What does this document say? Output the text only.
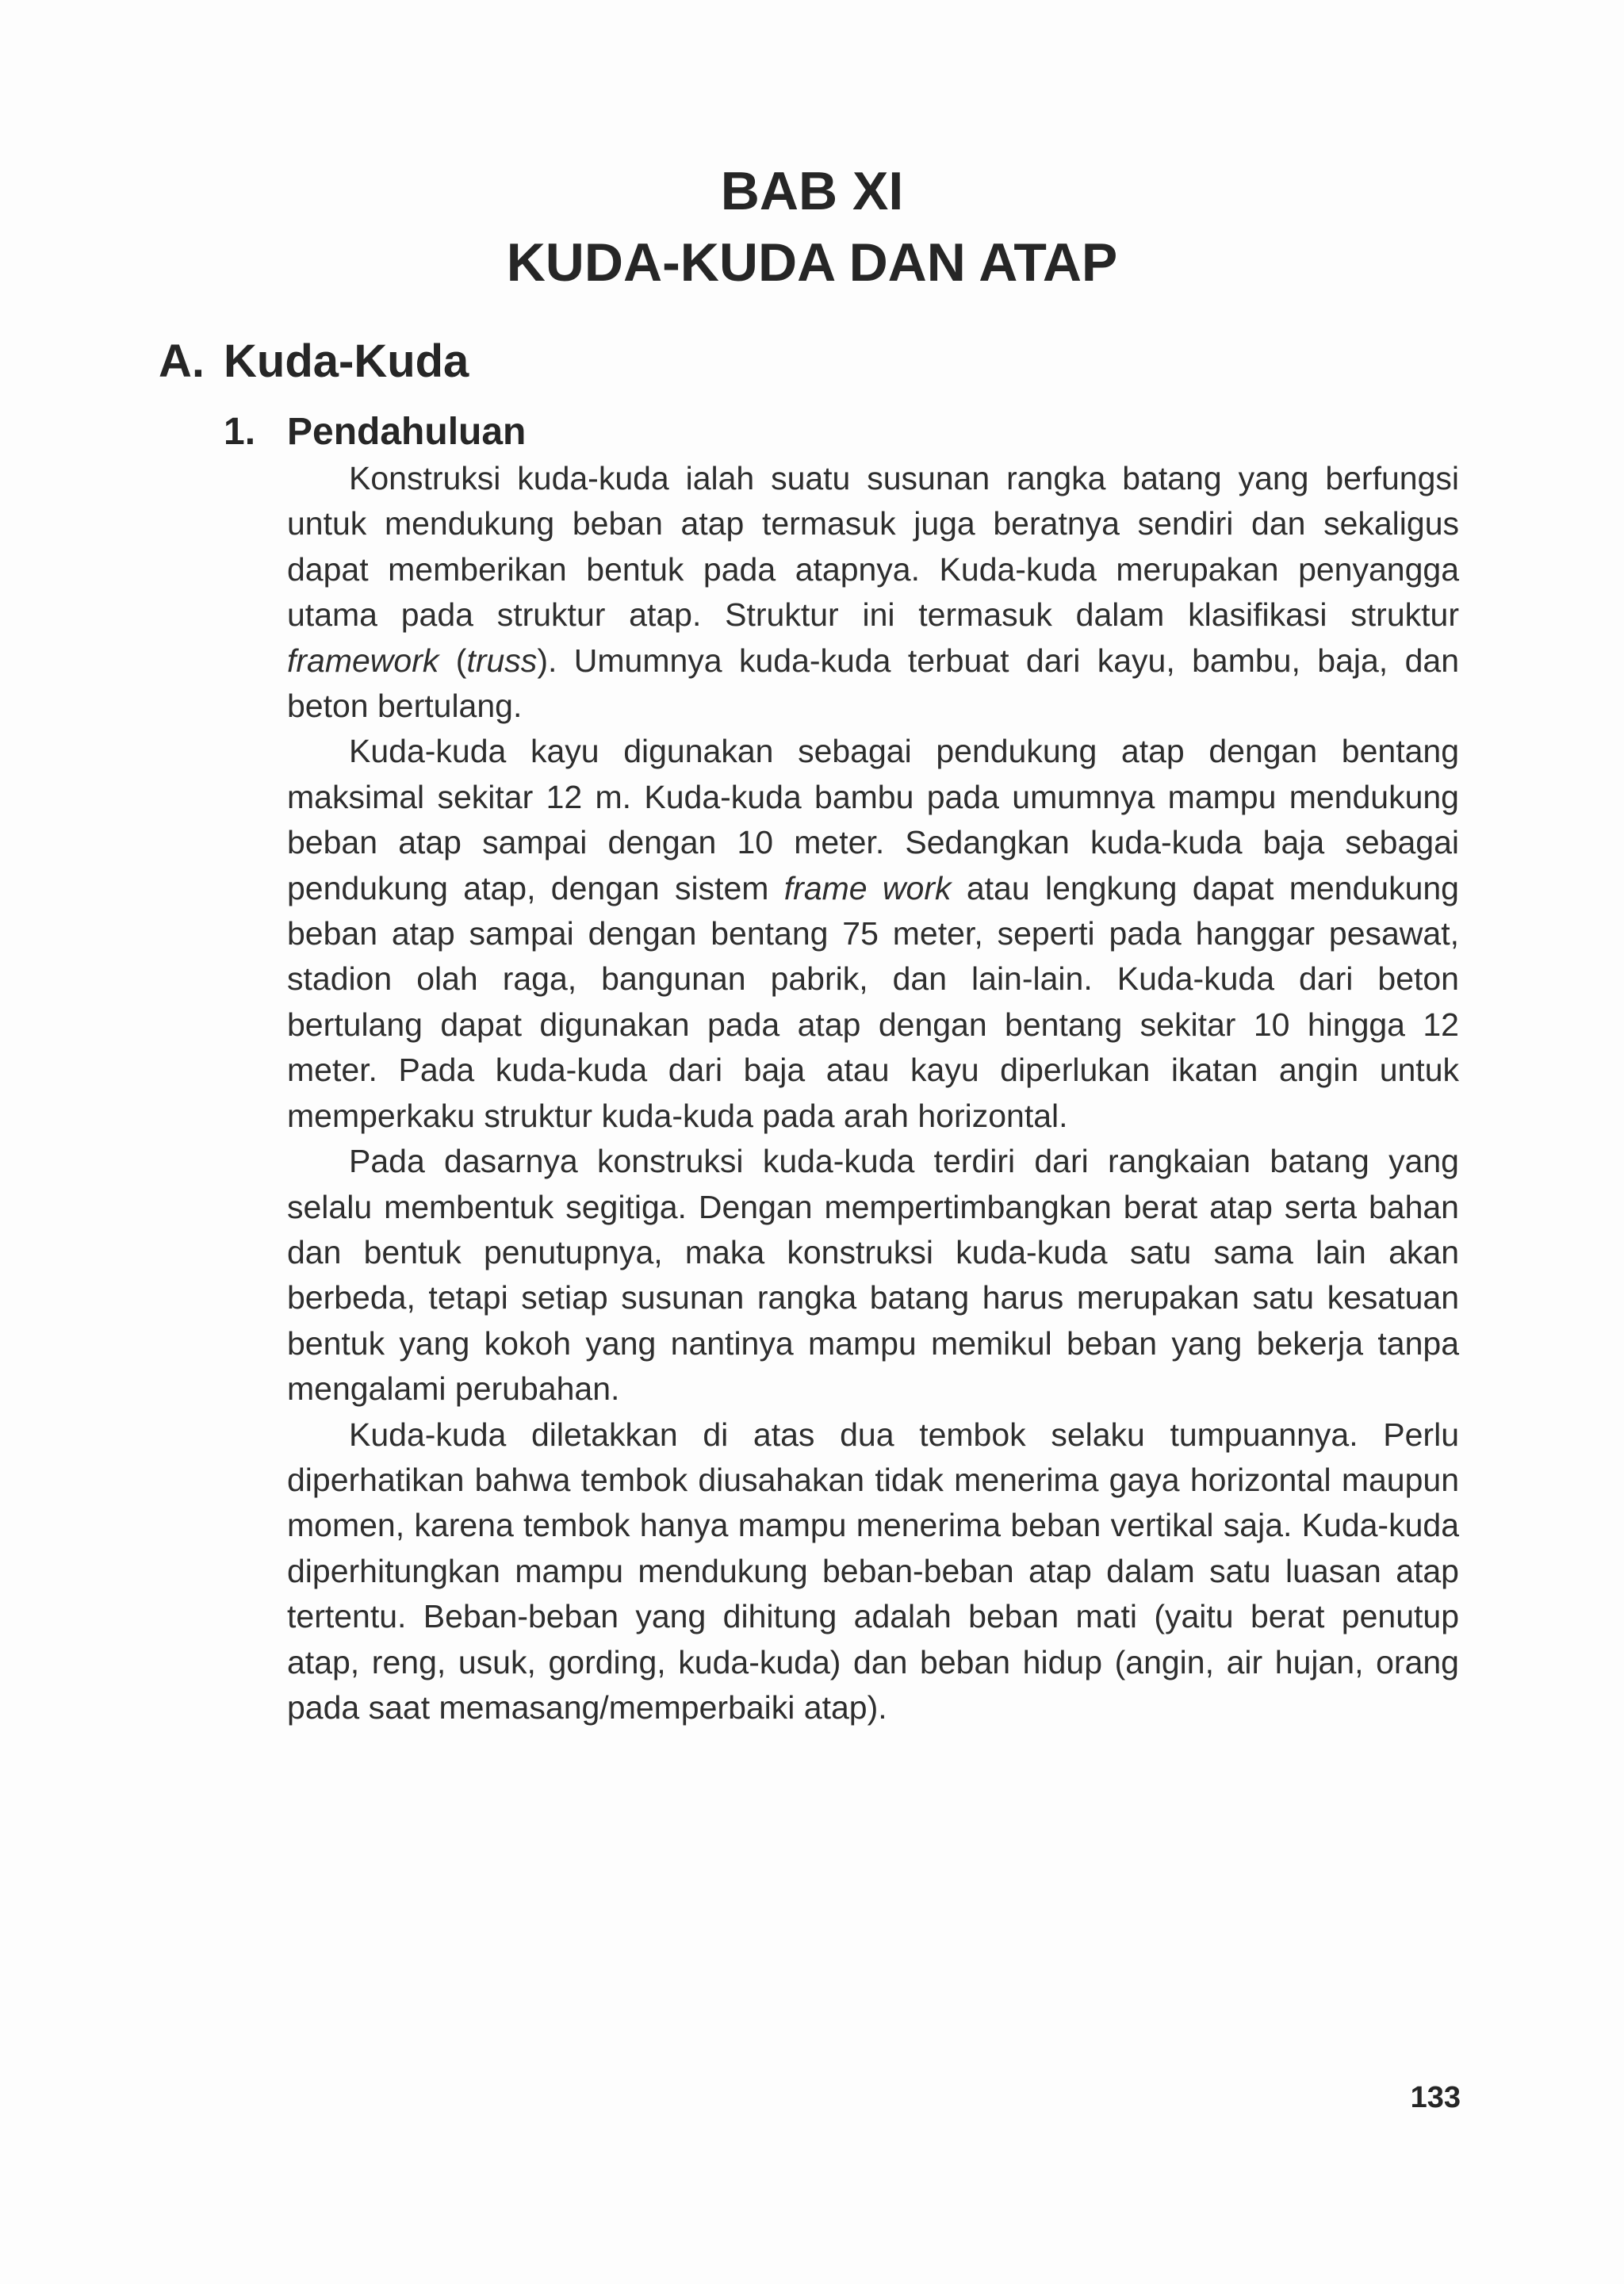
BAB XI
KUDA-KUDA DAN ATAP
A. Kuda-Kuda
1. Pendahuluan

Konstruksi kuda-kuda ialah suatu susunan rangka batang yang berfungsi untuk mendukung beban atap termasuk juga beratnya sendiri dan sekaligus dapat memberikan bentuk pada atapnya. Kuda-kuda merupakan penyangga utama pada struktur atap. Struktur ini termasuk dalam klasifikasi struktur framework (truss). Umumnya kuda-kuda terbuat dari kayu, bambu, baja, dan beton bertulang.

Kuda-kuda kayu digunakan sebagai pendukung atap dengan bentang maksimal sekitar 12 m. Kuda-kuda bambu pada umumnya mampu mendukung beban atap sampai dengan 10 meter. Sedangkan kuda-kuda baja sebagai pendukung atap, dengan sistem frame work atau lengkung dapat mendukung beban atap sampai dengan bentang 75 meter, seperti pada hanggar pesawat, stadion olah raga, bangunan pabrik, dan lain-lain. Kuda-kuda dari beton bertulang dapat digunakan pada atap dengan bentang sekitar 10 hingga 12 meter. Pada kuda-kuda dari baja atau kayu diperlukan ikatan angin untuk memperkaku struktur kuda-kuda pada arah horizontal.

Pada dasarnya konstruksi kuda-kuda terdiri dari rangkaian batang yang selalu membentuk segitiga. Dengan mempertimbangkan berat atap serta bahan dan bentuk penutupnya, maka konstruksi kuda-kuda satu sama lain akan berbeda, tetapi setiap susunan rangka batang harus merupakan satu kesatuan bentuk yang kokoh yang nantinya mampu memikul beban yang bekerja tanpa mengalami perubahan.

Kuda-kuda diletakkan di atas dua tembok selaku tumpuannya. Perlu diperhatikan bahwa tembok diusahakan tidak menerima gaya horizontal maupun momen, karena tembok hanya mampu menerima beban vertikal saja. Kuda-kuda diperhitungkan mampu mendukung beban-beban atap dalam satu luasan atap tertentu. Beban-beban yang dihitung adalah beban mati (yaitu berat penutup atap, reng, usuk, gording, kuda-kuda) dan beban hidup (angin, air hujan, orang pada saat memasang/memperbaiki atap).

133
